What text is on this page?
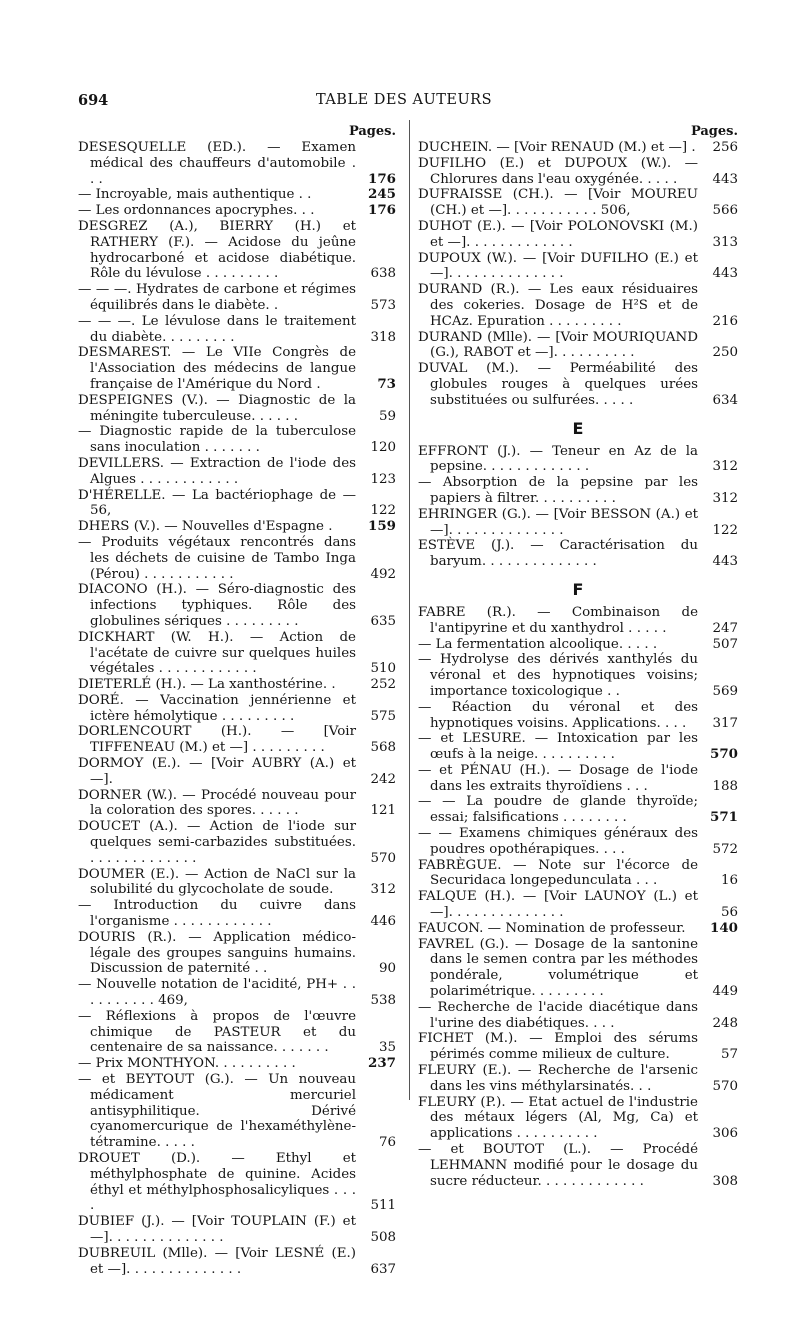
694	TABLE DES AUTEURS
Pages.
DESESQUELLE (ED.). — Examen médical des chauffeurs d'automobile . . .	176
— Incroyable, mais authentique . .	245
— Les ordonnances apocryphes. . .	176
DESGREZ (A.), BIERRY (H.) et RATHERY (F.). — Acidose du jeûne hydrocarboné et acidose diabétique. Rôle du lévulose . . . . . . . . .	638
— — —. Hydrates de carbone et régimes équilibrés dans le diabète. .	573
— — —. Le lévulose dans le traitement du diabète. . . . . . . . .	318
DESMAREST. — Le VIIe Congrès de l'Association des médecins de langue française de l'Amérique du Nord .	73
DESPEIGNES (V.). — Diagnostic de la méningite tuberculeuse. . . . . .	59
— Diagnostic rapide de la tuberculose sans inoculation . . . . . . .	120
DEVILLERS. — Extraction de l'iode des Algues . . . . . . . . . . . .	123
D'HÉRELLE. — La bactériophage de — 56,	122
DHERS (V.). — Nouvelles d'Espagne .	159
— Produits végétaux rencontrés dans les déchets de cuisine de Tambo Inga (Pérou) . . . . . . . . . . .	492
DIACONO (H.). — Séro-diagnostic des infections typhiques. Rôle des globulines sériques . . . . . . . . .	635
DICKHART (W. H.). — Action de l'acétate de cuivre sur quelques huiles végétales . . . . . . . . . . . .	510
DIETERLÉ (H.). — La xanthostérine. .	252
DORÉ. — Vaccination jennérienne et ictère hémolytique . . . . . . . . .	575
DORLENCOURT (H.). — [Voir TIFFENEAU (M.) et —] . . . . . . . . .	568
DORMOY (E.). — [Voir AUBRY (A.) et —].	242
DORNER (W.). — Procédé nouveau pour la coloration des spores. . . . . .	121
DOUCET (A.). — Action de l'iode sur quelques semi-carbazides substituées. . . . . . . . . . . . . .	570
DOUMER (E.). — Action de NaCl sur la solubilité du glycocholate de soude.	312
— Introduction du cuivre dans l'organisme . . . . . . . . . . . .	446
DOURIS (R.). — Application médico-légale des groupes sanguins humains. Discussion de paternité . .	90
— Nouvelle notation de l'acidité, PH+ . . . . . . . . . . 469,	538
— Réflexions à propos de l'œuvre chimique de PASTEUR et du centenaire de sa naissance. . . . . . .	35
— Prix MONTHYON. . . . . . . . . .	237
— et BEYTOUT (G.). — Un nouveau médicament mercuriel antisyphilitique. Dérivé cyanomercurique de l'hexaméthylène-tétramine. . . . .	76
DROUET (D.). — Ethyl et méthylphosphate de quinine. Acides éthyl et méthylphosphosalicyliques . . . .	511
DUBIEF (J.). — [Voir TOUPLAIN (F.) et —]. . . . . . . . . . . . . .	508
DUBREUIL (Mlle). — [Voir LESNÉ (E.) et —]. . . . . . . . . . . . . .	637
Pages.
DUCHEIN. — [Voir RENAUD (M.) et —] .	256
DUFILHO (E.) et DUPOUX (W.). — Chlorures dans l'eau oxygénée. . . . .	443
DUFRAISSE (CH.). — [Voir MOUREU (CH.) et —]. . . . . . . . . . . 506,	566
DUHOT (E.). — [Voir POLONOVSKI (M.) et —]. . . . . . . . . . . . .	313
DUPOUX (W.). — [Voir DUFILHO (E.) et —]. . . . . . . . . . . . . .	443
DURAND (R.). — Les eaux résiduaires des cokeries. Dosage de H²S et de HCAz. Epuration . . . . . . . . .	216
DURAND (Mlle). — [Voir MOURIQUAND (G.), RABOT et —]. . . . . . . . . .	250
DUVAL (M.). — Perméabilité des globules rouges à quelques urées substituées ou sulfurées. . . . .	634
E
EFFRONT (J.). — Teneur en Az de la pepsine. . . . . . . . . . . . .	312
— Absorption de la pepsine par les papiers à filtrer. . . . . . . . . .	312
EHRINGER (G.). — [Voir BESSON (A.) et —]. . . . . . . . . . . . . .	122
ESTÈVE (J.). — Caractérisation du baryum. . . . . . . . . . . . . .	443
F
FABRE (R.). — Combinaison de l'antipyrine et du xanthydrol . . . . .	247
— La fermentation alcoolique. . . . .	507
— Hydrolyse des dérivés xanthylés du véronal et des hypnotiques voisins; importance toxicologique . .	569
— Réaction du véronal et des hypnotiques voisins. Applications. . . .	317
— et LESURE. — Intoxication par les œufs à la neige. . . . . . . . . .	570
— et PÉNAU (H.). — Dosage de l'iode dans les extraits thyroïdiens . . .	188
— — La poudre de glande thyroïde; essai; falsifications . . . . . . . .	571
— — Examens chimiques généraux des poudres opothérapiques. . . .	572
FABRÈGUE. — Note sur l'écorce de Securidaca longepedunculata . . .	16
FALQUE (H.). — [Voir LAUNOY (L.) et —]. . . . . . . . . . . . . .	56
FAUCON. — Nomination de professeur.	140
FAVREL (G.). — Dosage de la santonine dans le semen contra par les méthodes pondérale, volumétrique et polarimétrique. . . . . . . . .	449
— Recherche de l'acide diacétique dans l'urine des diabétiques. . . .	248
FICHET (M.). — Emploi des sérums périmés comme milieux de culture.	57
FLEURY (E.). — Recherche de l'arsenic dans les vins méthylarsinatés. . .	570
FLEURY (P.). — Etat actuel de l'industrie des métaux légers (Al, Mg, Ca) et applications . . . . . . . . . .	306
— et BOUTOT (L.). — Procédé LEHMANN modifié pour le dosage du sucre réducteur. . . . . . . . . . . . .	308
